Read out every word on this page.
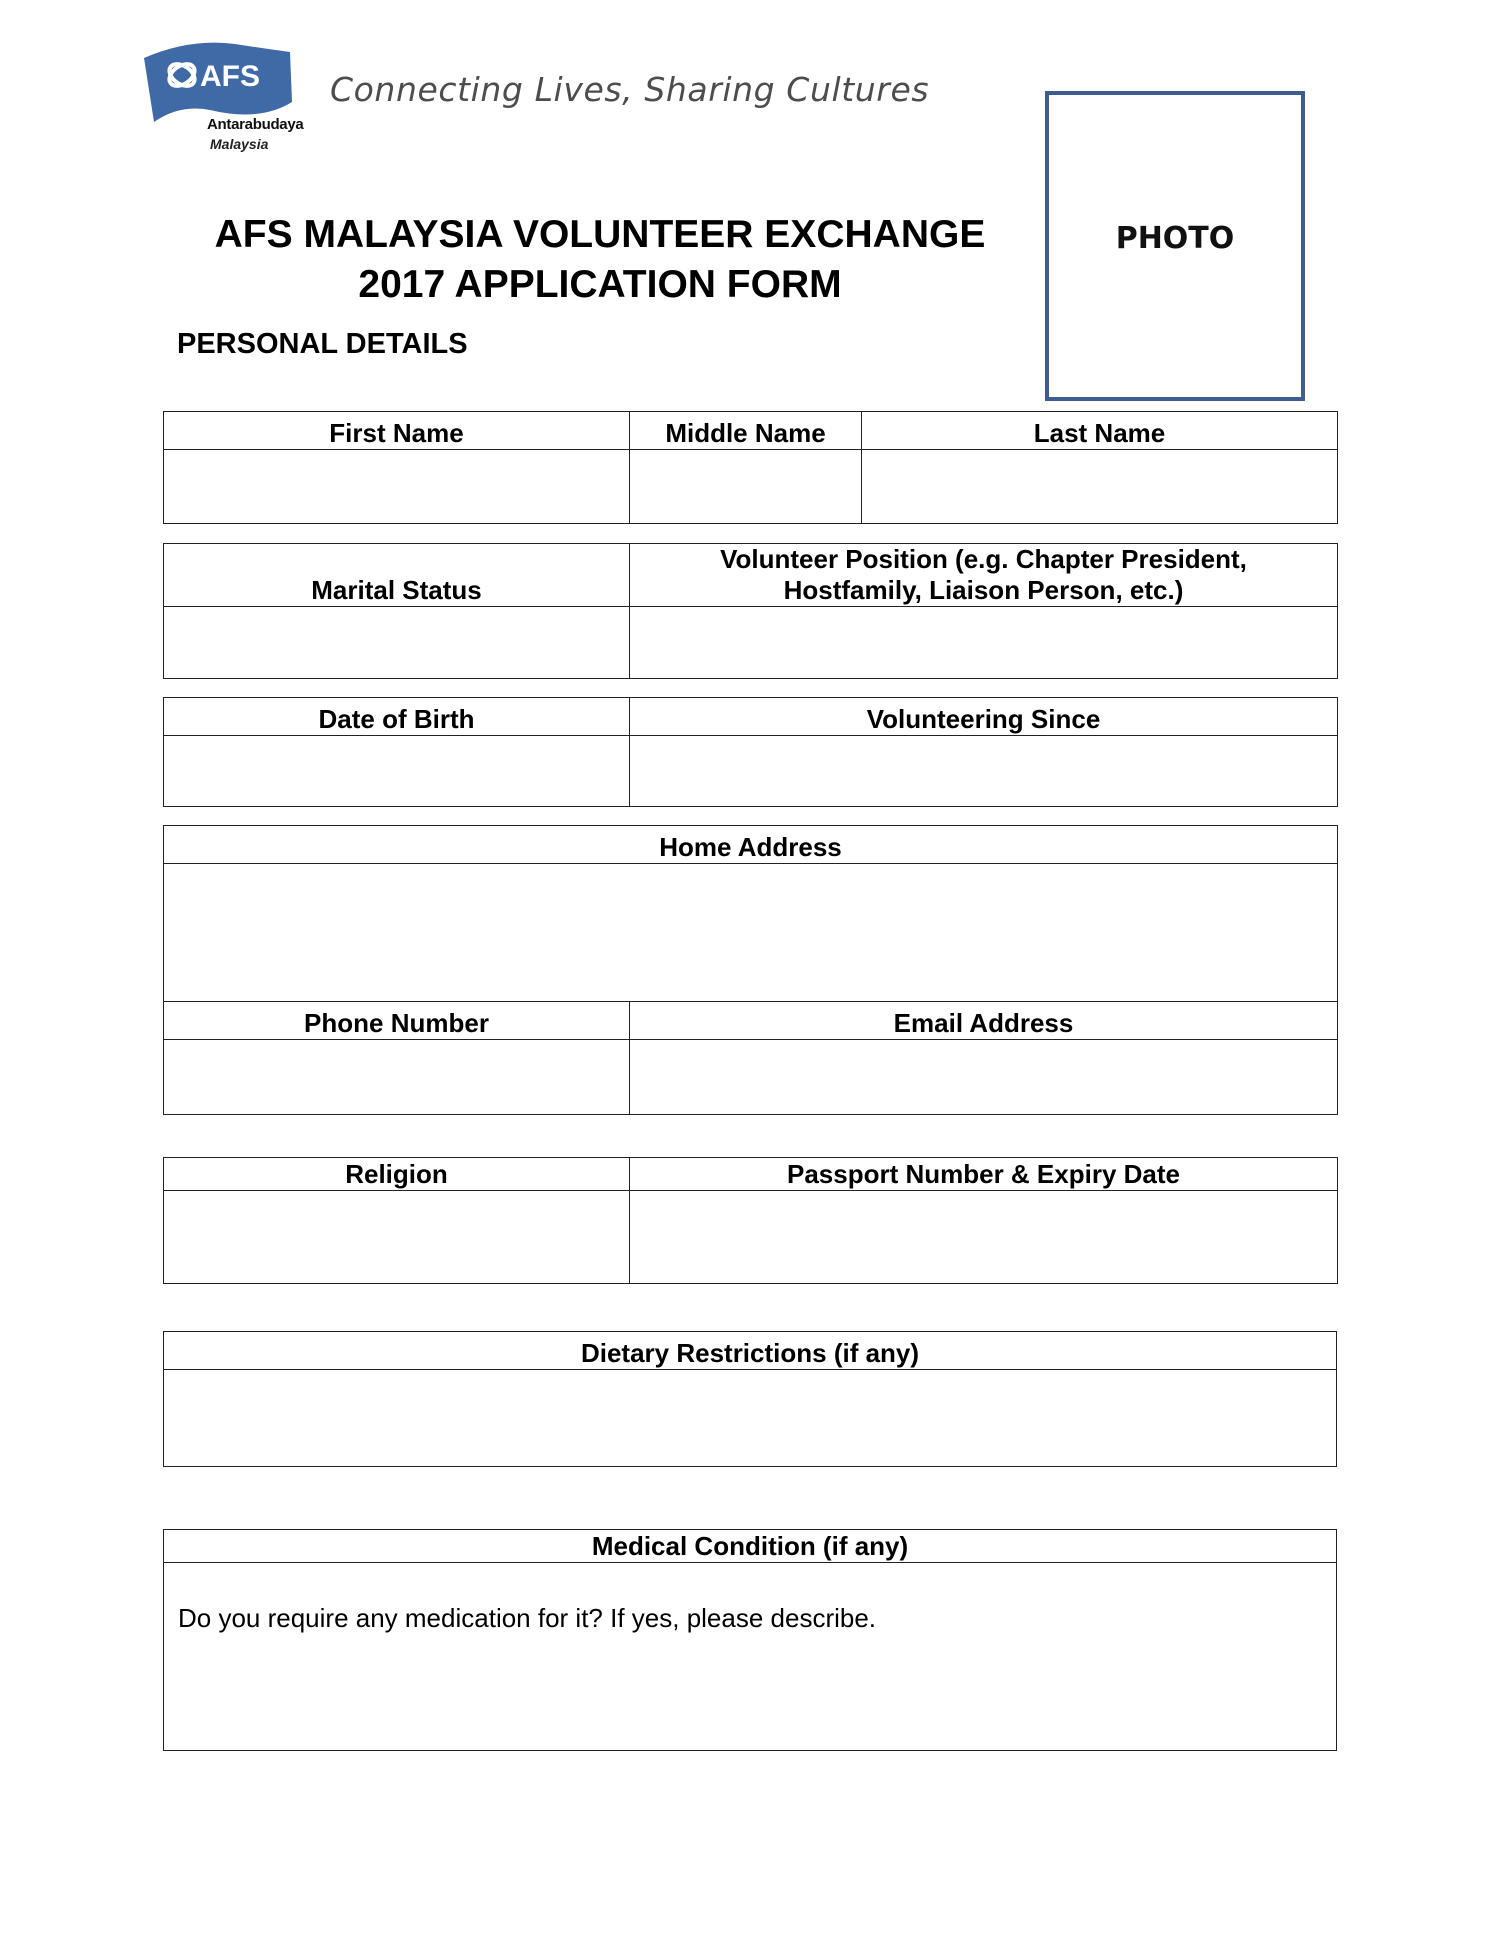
AFS
Antarabudaya
Malaysia
Connecting Lives, Sharing Cultures
PHOTO
AFS MALAYSIA VOLUNTEER EXCHANGE
2017 APPLICATION FORM
PERSONAL DETAILS
First Name	Middle Name	Last Name

Marital Status	Volunteer Position (e.g. Chapter President,
Hostfamily, Liaison Person, etc.)

Date of Birth	Volunteering Since

Home Address	

Phone Number	Email Address

Religion	Passport Number & Expiry Date

Dietary Restrictions (if any)

Medical Condition (if any)

Do you require any medication for it? If yes, please describe.
